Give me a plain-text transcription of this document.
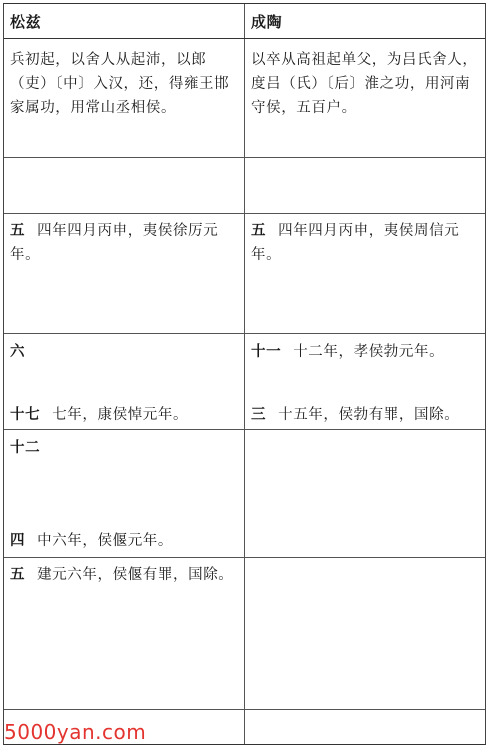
松兹	成陶
兵初起，以舍人从起沛，以郎（吏）〔中〕入汉，还，得雍王邯家属功，用常山丞相侯。
以卒从高祖起单父，为吕氏舍人，度吕（氏）〔后〕淮之功，用河南守侯，五百户。
五 四年四月丙申，夷侯徐厉元年。
五 四年四月丙申，夷侯周信元年。
六
十七 七年，康侯悼元年。
十一 十二年，孝侯勃元年。
三 十五年，侯勃有罪，国除。
十二
四 中六年，侯偃元年。
五 建元六年，侯偃有罪，国除。
5000yan.com
